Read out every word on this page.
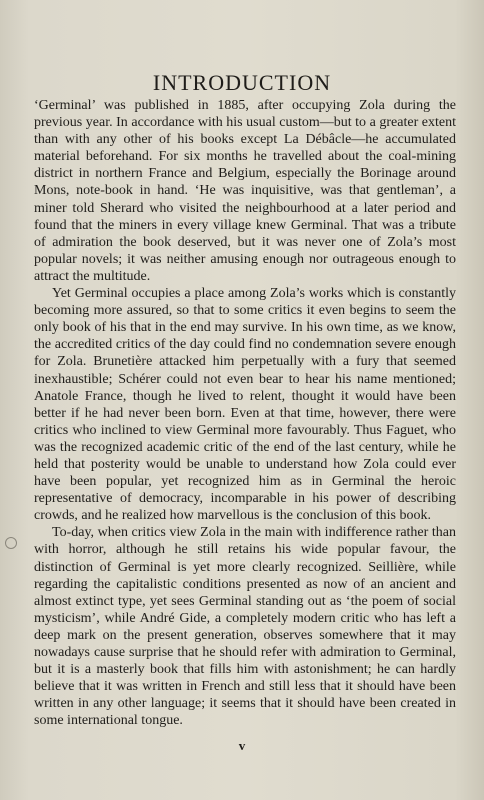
INTRODUCTION

‘Germinal’ was published in 1885, after occupying Zola during the previous year. In accordance with his usual custom—but to a greater extent than with any other of his books except La Débâcle—he accumulated material beforehand. For six months he travelled about the coal-mining district in northern France and Belgium, especially the Borinage around Mons, note-book in hand. ‘He was inquisitive, was that gentleman’, a miner told Sherard who visited the neighbourhood at a later period and found that the miners in every village knew Germinal. That was a tribute of admiration the book deserved, but it was never one of Zola’s most popular novels; it was neither amusing enough nor outrageous enough to attract the multitude.

Yet Germinal occupies a place among Zola’s works which is constantly becoming more assured, so that to some critics it even begins to seem the only book of his that in the end may survive. In his own time, as we know, the accredited critics of the day could find no condemnation severe enough for Zola. Brunetière attacked him perpetually with a fury that seemed inexhaustible; Schérer could not even bear to hear his name mentioned; Anatole France, though he lived to relent, thought it would have been better if he had never been born. Even at that time, however, there were critics who inclined to view Germinal more favourably. Thus Faguet, who was the recognized academic critic of the end of the last century, while he held that posterity would be unable to understand how Zola could ever have been popular, yet recognized him as in Germinal the heroic representative of democracy, incomparable in his power of describing crowds, and he realized how marvellous is the conclusion of this book.

To-day, when critics view Zola in the main with indifference rather than with horror, although he still retains his wide popular favour, the distinction of Germinal is yet more clearly recognized. Seillière, while regarding the capitalistic conditions presented as now of an ancient and almost extinct type, yet sees Germinal standing out as ‘the poem of social mysticism’, while André Gide, a completely modern critic who has left a deep mark on the present generation, observes somewhere that it may nowadays cause surprise that he should refer with admiration to Germinal, but it is a masterly book that fills him with astonishment; he can hardly believe that it was written in French and still less that it should have been written in any other language; it seems that it should have been created in some international tongue.

v
